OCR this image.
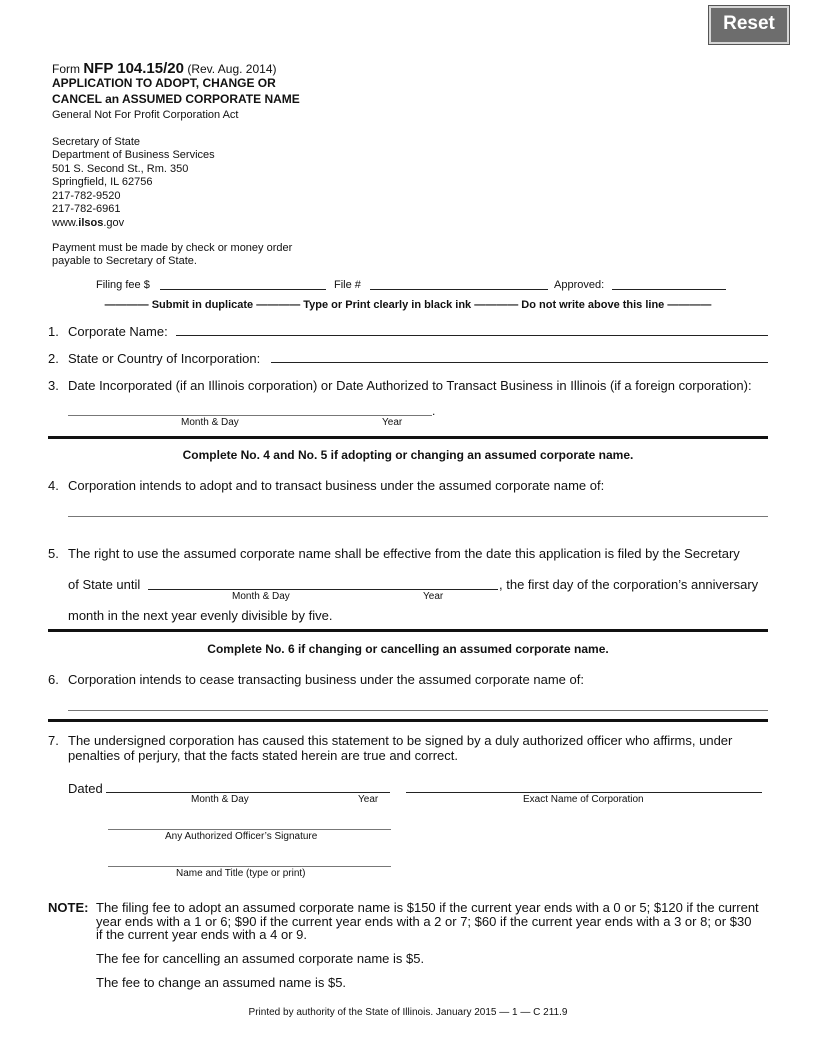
Reset
Form NFP 104.15/20 (Rev. Aug. 2014)
APPLICATION TO ADOPT, CHANGE OR
CANCEL an ASSUMED CORPORATE NAME
General Not For Profit Corporation Act
Secretary of State
Department of Business Services
501 S. Second St., Rm. 350
Springfield, IL 62756
217-782-9520
217-782-6961
www.ilsos.gov
Payment must be made by check or money order
payable to Secretary of State.
Filing fee $	File #	Approved:
———— Submit in duplicate ———— Type or Print clearly in black ink ———— Do not write above this line ————
1. Corporate Name:
2. State or Country of Incorporation:
3. Date Incorporated (if an Illinois corporation) or Date Authorized to Transact Business in Illinois (if a foreign corporation):
.
Month & Day	Year
Complete No. 4 and No. 5 if adopting or changing an assumed corporate name.
4. Corporation intends to adopt and to transact business under the assumed corporate name of:
5. The right to use the assumed corporate name shall be effective from the date this application is filed by the Secretary
of State until	, the first day of the corporation’s anniversary
Month & Day	Year
month in the next year evenly divisible by five.
Complete No. 6 if changing or cancelling an assumed corporate name.
6. Corporation intends to cease transacting business under the assumed corporate name of:
7. The undersigned corporation has caused this statement to be signed by a duly authorized officer who affirms, under
penalties of perjury, that the facts stated herein are true and correct.
Dated
Month & Day	Year	Exact Name of Corporation
Any Authorized Officer’s Signature
Name and Title (type or print)
NOTE: The filing fee to adopt an assumed corporate name is $150 if the current year ends with a 0 or 5; $120 if the current
year ends with a 1 or 6; $90 if the current year ends with a 2 or 7; $60 if the current year ends with a 3 or 8; or $30
if the current year ends with a 4 or 9.
The fee for cancelling an assumed corporate name is $5.
The fee to change an assumed name is $5.
Printed by authority of the State of Illinois. January 2015 — 1 — C 211.9
